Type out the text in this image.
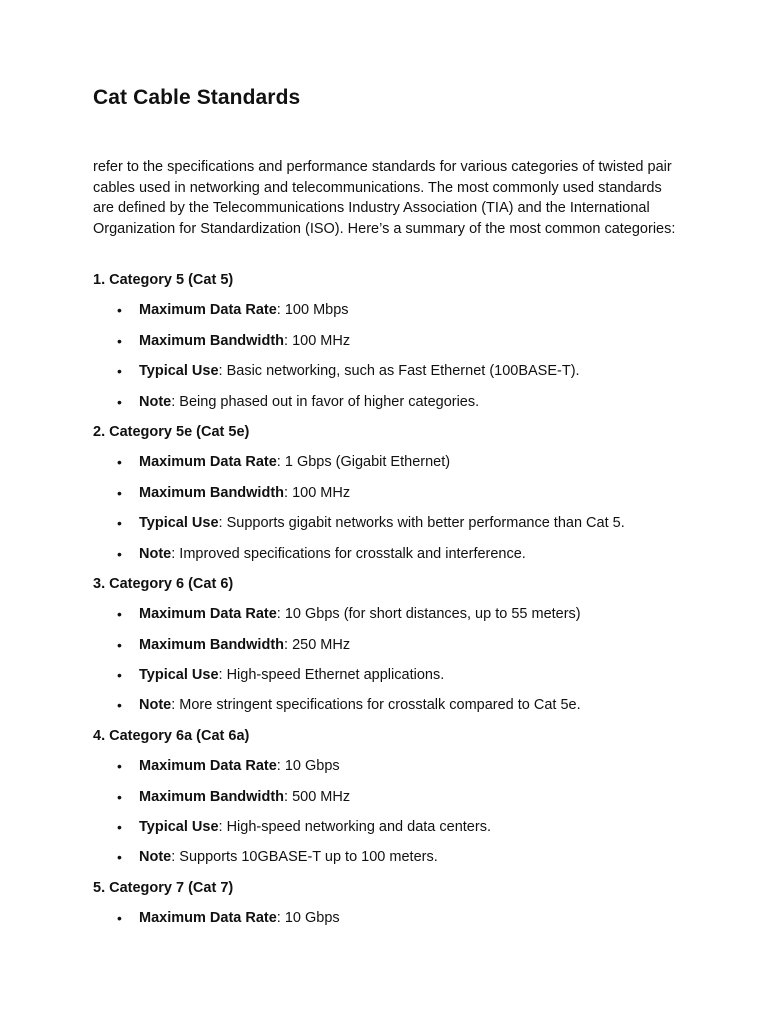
Cat Cable Standards

refer to the specifications and performance standards for various categories of twisted pair cables used in networking and telecommunications. The most commonly used standards are defined by the Telecommunications Industry Association (TIA) and the International Organization for Standardization (ISO). Here’s a summary of the most common categories:

1. Category 5 (Cat 5)
• Maximum Data Rate: 100 Mbps
• Maximum Bandwidth: 100 MHz
• Typical Use: Basic networking, such as Fast Ethernet (100BASE-T).
• Note: Being phased out in favor of higher categories.
2. Category 5e (Cat 5e)
• Maximum Data Rate: 1 Gbps (Gigabit Ethernet)
• Maximum Bandwidth: 100 MHz
• Typical Use: Supports gigabit networks with better performance than Cat 5.
• Note: Improved specifications for crosstalk and interference.
3. Category 6 (Cat 6)
• Maximum Data Rate: 10 Gbps (for short distances, up to 55 meters)
• Maximum Bandwidth: 250 MHz
• Typical Use: High-speed Ethernet applications.
• Note: More stringent specifications for crosstalk compared to Cat 5e.
4. Category 6a (Cat 6a)
• Maximum Data Rate: 10 Gbps
• Maximum Bandwidth: 500 MHz
• Typical Use: High-speed networking and data centers.
• Note: Supports 10GBASE-T up to 100 meters.
5. Category 7 (Cat 7)
• Maximum Data Rate: 10 Gbps
